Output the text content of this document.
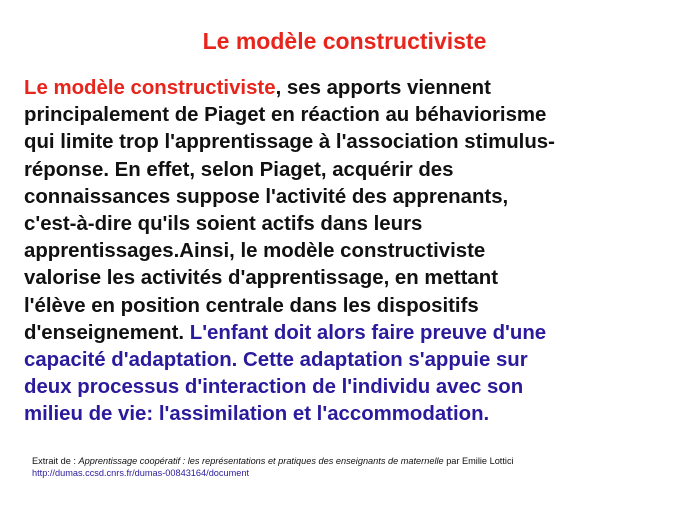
Le modèle constructiviste

Le modèle constructiviste, ses apports viennent
principalement de Piaget en réaction au béhaviorisme
qui limite trop l'apprentissage à l'association stimulus-
réponse. En effet, selon Piaget, acquérir des
connaissances suppose l'activité des apprenants,
c'est-à-dire qu'ils soient actifs dans leurs
apprentissages.Ainsi, le modèle constructiviste
valorise les activités d'apprentissage, en mettant
l'élève en position centrale dans les dispositifs
d'enseignement. L'enfant doit alors faire preuve d'une
capacité d'adaptation. Cette adaptation s'appuie sur
deux processus d'interaction de l'individu avec son
milieu de vie: l'assimilation et l'accommodation.

Extrait de : Apprentissage coopératif : les représentations et pratiques des enseignants de maternelle par Emilie Lottici
http://dumas.ccsd.cnrs.fr/dumas-00843164/document
